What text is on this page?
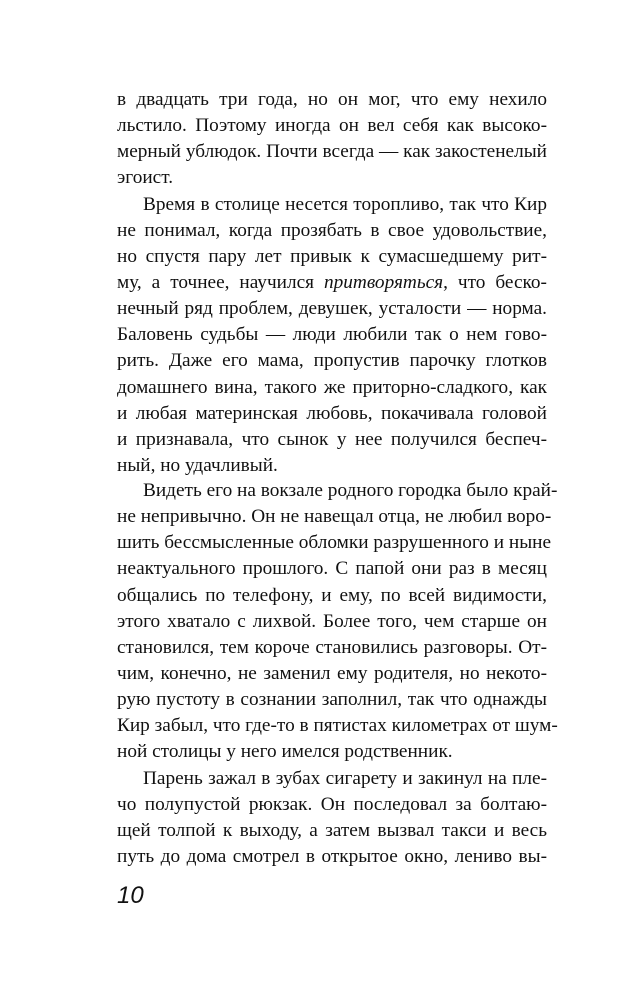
в двадцать три года, но он мог, что ему нехило
льстило. Поэтому иногда он вел себя как высоко-
мерный ублюдок. Почти всегда — как закостенелый
эгоист.
Время в столице несется торопливо, так что Кир
не понимал, когда прозябать в свое удовольствие,
но спустя пару лет привык к сумасшедшему рит-
му, а точнее, научился притворяться, что беско-
нечный ряд проблем, девушек, усталости — норма.
Баловень судьбы — люди любили так о нем гово-
рить. Даже его мама, пропустив парочку глотков
домашнего вина, такого же приторно-сладкого, как
и любая материнская любовь, покачивала головой
и признавала, что сынок у нее получился беспеч-
ный, но удачливый.
Видеть его на вокзале родного городка было край-
не непривычно. Он не навещал отца, не любил воро-
шить бессмысленные обломки разрушенного и ныне
неактуального прошлого. С папой они раз в месяц
общались по телефону, и ему, по всей видимости,
этого хватало с лихвой. Более того, чем старше он
становился, тем короче становились разговоры. От-
чим, конечно, не заменил ему родителя, но некото-
рую пустоту в сознании заполнил, так что однажды
Кир забыл, что где-то в пятистах километрах от шум-
ной столицы у него имелся родственник.
Парень зажал в зубах сигарету и закинул на пле-
чо полупустой рюкзак. Он последовал за болтаю-
щей толпой к выходу, а затем вызвал такси и весь
путь до дома смотрел в открытое окно, лениво вы-
10
